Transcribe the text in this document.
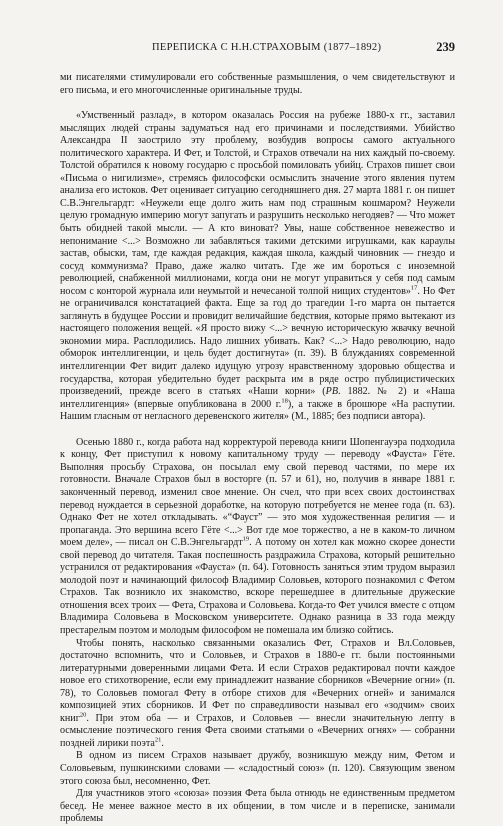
ПЕРЕПИСКА С Н.Н.СТРАХОВЫМ (1877–1892)	239

ми писателями стимулировали его собственные размышления, о чем свидетельствуют и его письма, и его многочисленные оригинальные труды.

«Умственный разлад», в котором оказалась Россия на рубеже 1880-х гг., заставил мыслящих людей страны задуматься над его причинами и последствиями. Убийство Александра II заострило эту проблему, возбудив вопросы самого актуального политического характера. И Фет, и Толстой, и Страхов отвечали на них каждый по-своему. Толстой обратился к новому государю с просьбой помиловать убийц. Страхов пишет свои «Письма о нигилизме», стремясь философски осмыслить значение этого явления путем анализа его истоков. Фет оценивает ситуацию сегодняшнего дня. 27 марта 1881 г. он пишет С.В.Энгельгардт: «Неужели еще долго жить нам под страшным кошмаром? Неужели целую громадную империю могут запугать и разрушить несколько негодяев? — Что может быть обидней такой мысли. — А кто виноват? Увы, наше собственное невежество и непонимание <...> Возможно ли забавляться такими детскими игрушками, как караулы застав, обыски, там, где каждая редакция, каждая школа, каждый чиновник — гнездо и сосуд коммунизма? Право, даже жалко читать. Где же им бороться с иноземной революцией, снабженной миллионами, когда они не могут управиться у себя под самым носом с конторой журнала или неумытой и нечесаной толпой нищих студентов»$^{17}$. Но Фет не ограничивался констатацией факта. Еще за год до трагедии 1-го марта он пытается заглянуть в будущее России и провидит величайшие бедствия, которые прямо вытекают из настоящего положения вещей. «Я просто вижу <...> вечную историческую жвачку вечной экономии мира. Расплодились. Надо лишних убивать. Как? <...> Надо революцию, надо обморок интеллигенции, и цель будет достигнута» (п. 39). В блужданиях современной интеллигенции Фет видит далеко идущую угрозу нравственному здоровью общества и государства, которая убедительно будет раскрыта им в ряде остро публицистических произведений, прежде всего в статьях «Наши корни» (РВ. 1882. № 2) и «Наша интеллигенция» (впервые опубликована в 2000 г.$^{18}$), а также в брошюре «На распутии. Нашим гласным от негласного деревенского жителя» (М., 1885; без подписи автора).

Осенью 1880 г., когда работа над корректурой перевода книги Шопенгауэра подходила к концу, Фет приступил к новому капитальному труду — переводу «Фауста» Гёте. Выполняя просьбу Страхова, он посылал ему свой перевод частями, по мере их готовности. Вначале Страхов был в восторге (п. 57 и 61), но, получив в январе 1881 г. законченный перевод, изменил свое мнение. Он счел, что при всех своих достоинствах перевод нуждается в серьезной доработке, на которую потребуется не менее года (п. 63). Однако Фет не хотел откладывать. «“Фауст” — это моя художественная религия — и пропаганда. Это вершина всего Гёте <...> Вот где мое торжество, а не в каком-то личном моем деле», — писал он С.В.Энгельгардт$^{19}$. А потому он хотел как можно скорее донести свой перевод до читателя. Такая поспешность раздражила Страхова, который решительно устранился от редактирования «Фауста» (п. 64). Готовность заняться этим трудом выразил молодой поэт и начинающий философ Владимир Соловьев, которого познакомил с Фетом Страхов. Так возникло их знакомство, вскоре перешедшее в длительные дружеские отношения всех троих — Фета, Страхова и Соловьева. Когда-то Фет учился вместе с отцом Владимира Соловьева в Московском университете. Однако разница в 33 года между престарелым поэтом и молодым философом не помешала им близко сойтись.

Чтобы понять, насколько связанными оказались Фет, Страхов и Вл.Соловьев, достаточно вспомнить, что и Соловьев, и Страхов в 1880-е гг. были постоянными литературными доверенными лицами Фета. И если Страхов редактировал почти каждое новое его стихотворение, если ему принадлежит название сборников «Вечерние огни» (п. 78), то Соловьев помогал Фету в отборе стихов для «Вечерних огней» и занимался композицией этих сборников. И Фет по справедливости называл его «зодчим» своих книг$^{20}$. При этом оба — и Страхов, и Соловьев — внесли значительную лепту в осмысление поэтического гения Фета своими статьями о «Вечерних огнях» — собранни поздней лирики поэта$^{21}$.

В одном из писем Страхов называет дружбу, возникшую между ним, Фетом и Соловьевым, пушкинскими словами — «сладостный союз» (п. 120). Связующим звеном этого союза был, несомненно, Фет.

Для участников этого «союза» поэзия Фета была отнюдь не единственным предметом бесед. Не менее важное место в их общении, в том числе и в переписке, занимали проблемы
